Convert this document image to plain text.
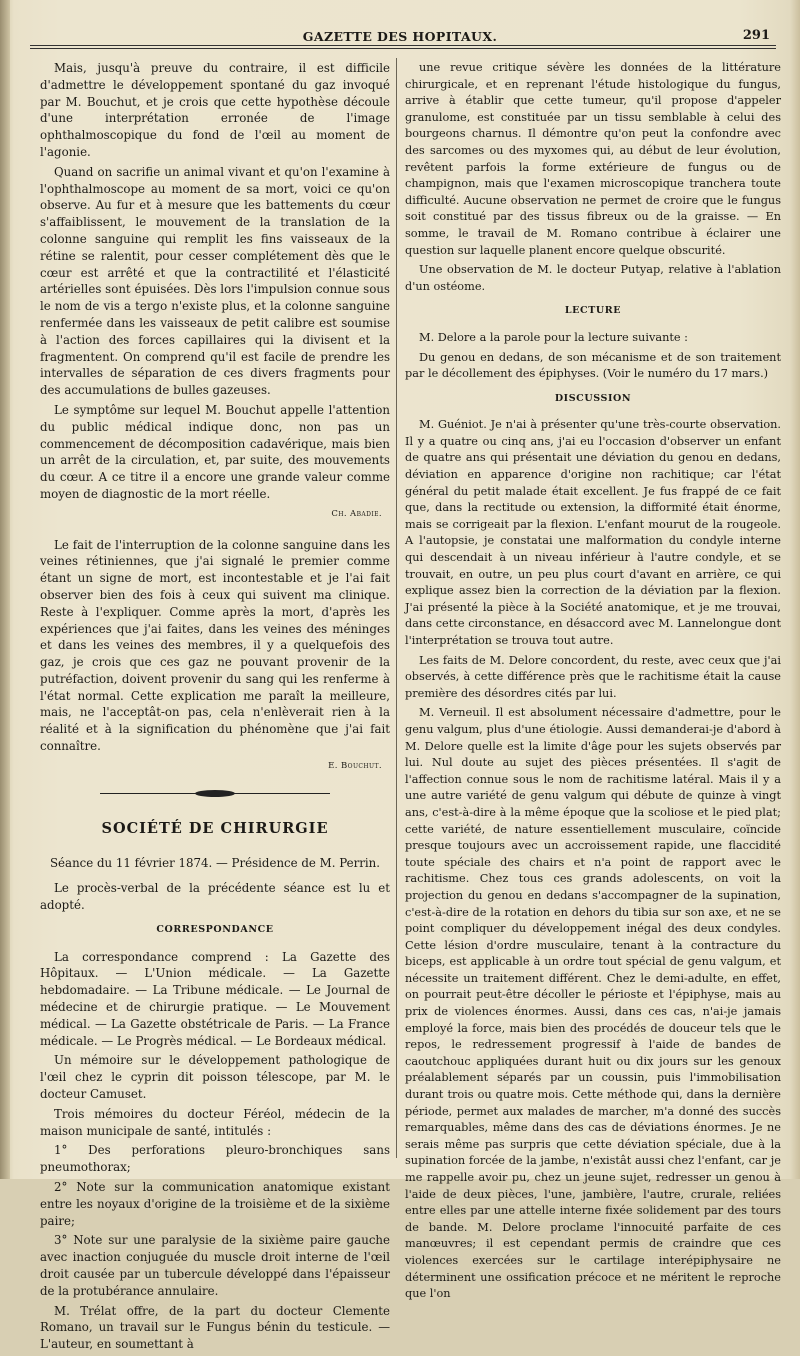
GAZETTE DES HOPITAUX.	291

Mais, jusqu'à preuve du contraire, il est difficile d'admettre le développement spontané du gaz invoqué par M. Bouchut, et je crois que cette hypothèse découle d'une interprétation erronée de l'image ophthalmoscopique du fond de l'œil au moment de l'agonie.

Quand on sacrifie un animal vivant et qu'on l'examine à l'ophthalmoscope au moment de sa mort, voici ce qu'on observe. Au fur et à mesure que les battements du cœur s'affaiblissent, le mouvement de la translation de la colonne sanguine qui remplit les fins vaisseaux de la rétine se ralentit, pour cesser complétement dès que le cœur est arrêté et que la contractilité et l'élasticité artérielles sont épuisées. Dès lors l'impulsion connue sous le nom de vis a tergo n'existe plus, et la colonne sanguine renfermée dans les vaisseaux de petit calibre est soumise à l'action des forces capillaires qui la divisent et la fragmentent. On comprend qu'il est facile de prendre les intervalles de séparation de ces divers fragments pour des accumulations de bulles gazeuses.

Le symptôme sur lequel M. Bouchut appelle l'attention du public médical indique donc, non pas un commencement de décomposition cadavérique, mais bien un arrêt de la circulation, et, par suite, des mouvements du cœur. A ce titre il a encore une grande valeur comme moyen de diagnostic de la mort réelle.

Ch. Abadie.

Le fait de l'interruption de la colonne sanguine dans les veines rétiniennes, que j'ai signalé le premier comme étant un signe de mort, est incontestable et je l'ai fait observer bien des fois à ceux qui suivent ma clinique. Reste à l'expliquer. Comme après la mort, d'après les expériences que j'ai faites, dans les veines des méninges et dans les veines des membres, il y a quelquefois des gaz, je crois que ces gaz ne pouvant provenir de la putréfaction, doivent provenir du sang qui les renferme à l'état normal. Cette explication me paraît la meilleure, mais, ne l'acceptât-on pas, cela n'enlèverait rien à la réalité et à la signification du phénomène que j'ai fait connaître.

E. Bouchut.
SOCIÉTÉ DE CHIRURGIE

Séance du 11 février 1874. — Présidence de M. Perrin.

Le procès-verbal de la précédente séance est lu et adopté.

CORRESPONDANCE

La correspondance comprend : La Gazette des Hôpitaux. — L'Union médicale. — La Gazette hebdomadaire. — La Tribune médicale. — Le Journal de médecine et de chirurgie pratique. — Le Mouvement médical. — La Gazette obstétricale de Paris. — La France médicale. — Le Progrès médical. — Le Bordeaux médical.

Un mémoire sur le développement pathologique de l'œil chez le cyprin dit poisson télescope, par M. le docteur Camuset.

Trois mémoires du docteur Féréol, médecin de la maison municipale de santé, intitulés :

1° Des perforations pleuro-bronchiques sans pneumothorax;

2° Note sur la communication anatomique existant entre les noyaux d'origine de la troisième et de la sixième paire;

3° Note sur une paralysie de la sixième paire gauche avec inaction conjuguée du muscle droit interne de l'œil droit causée par un tubercule développé dans l'épaisseur de la protubérance annulaire.

M. Trélat offre, de la part du docteur Clemente Romano, un travail sur le Fungus bénin du testicule. — L'auteur, en soumettant à

une revue critique sévère les données de la littérature chirurgicale, et en reprenant l'étude histologique du fungus, arrive à établir que cette tumeur, qu'il propose d'appeler granulome, est constituée par un tissu semblable à celui des bourgeons charnus. Il démontre qu'on peut la confondre avec des sarcomes ou des myxomes qui, au début de leur évolution, revêtent parfois la forme extérieure de fungus ou de champignon, mais que l'examen microscopique tranchera toute difficulté. Aucune observation ne permet de croire que le fungus soit constitué par des tissus fibreux ou de la graisse. — En somme, le travail de M. Romano contribue à éclairer une question sur laquelle planent encore quelque obscurité.

Une observation de M. le docteur Putyap, relative à l'ablation d'un ostéome.

LECTURE

M. Delore a la parole pour la lecture suivante :

Du genou en dedans, de son mécanisme et de son traitement par le décollement des épiphyses. (Voir le numéro du 17 mars.)

DISCUSSION

M. Guéniot. Je n'ai à présenter qu'une très-courte observation. Il y a quatre ou cinq ans, j'ai eu l'occasion d'observer un enfant de quatre ans qui présentait une déviation du genou en dedans, déviation en apparence d'origine non rachitique; car l'état général du petit malade était excellent. Je fus frappé de ce fait que, dans la rectitude ou extension, la difformité était énorme, mais se corrigeait par la flexion. L'enfant mourut de la rougeole. A l'autopsie, je constatai une malformation du condyle interne qui descendait à un niveau inférieur à l'autre condyle, et se trouvait, en outre, un peu plus court d'avant en arrière, ce qui explique assez bien la correction de la déviation par la flexion. J'ai présenté la pièce à la Société anatomique, et je me trouvai, dans cette circonstance, en désaccord avec M. Lannelongue dont l'interprétation se trouva tout autre.

Les faits de M. Delore concordent, du reste, avec ceux que j'ai observés, à cette différence près que le rachitisme était la cause première des désordres cités par lui.

M. Verneuil. Il est absolument nécessaire d'admettre, pour le genu valgum, plus d'une étiologie. Aussi demanderai-je d'abord à M. Delore quelle est la limite d'âge pour les sujets observés par lui. Nul doute au sujet des pièces présentées. Il s'agit de l'affection connue sous le nom de rachitisme latéral. Mais il y a une autre variété de genu valgum qui débute de quinze à vingt ans, c'est-à-dire à la même époque que la scoliose et le pied plat; cette variété, de nature essentiellement musculaire, coïncide presque toujours avec un accroissement rapide, une flaccidité toute spéciale des chairs et n'a point de rapport avec le rachitisme. Chez tous ces grands adolescents, on voit la projection du genou en dedans s'accompagner de la supination, c'est-à-dire de la rotation en dehors du tibia sur son axe, et ne se point compliquer du développement inégal des deux condyles. Cette lésion d'ordre musculaire, tenant à la contracture du biceps, est applicable à un ordre tout spécial de genu valgum, et nécessite un traitement différent. Chez le demi-adulte, en effet, on pourrait peut-être décoller le périoste et l'épiphyse, mais au prix de violences énormes. Aussi, dans ces cas, n'ai-je jamais employé la force, mais bien des procédés de douceur tels que le repos, le redressement progressif à l'aide de bandes de caoutchouc appliquées durant huit ou dix jours sur les genoux préalablement séparés par un coussin, puis l'immobilisation durant trois ou quatre mois. Cette méthode qui, dans la dernière période, permet aux malades de marcher, m'a donné des succès remarquables, même dans des cas de déviations énormes. Je ne serais même pas surpris que cette déviation spéciale, due à la supination forcée de la jambe, n'existât aussi chez l'enfant, car je me rappelle avoir pu, chez un jeune sujet, redresser un genou à l'aide de deux pièces, l'une, jambière, l'autre, crurale, reliées entre elles par une attelle interne fixée solidement par des tours de bande. M. Delore proclame l'innocuité parfaite de ces manœuvres; il est cependant permis de craindre que ces violences exercées sur le cartilage interépiphysaire ne déterminent une ossification précoce et ne méritent le reproche que l'on
